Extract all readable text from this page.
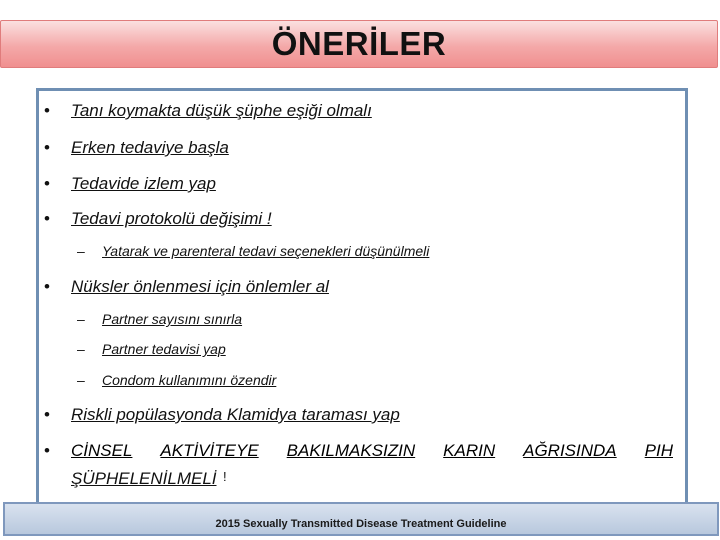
ÖNERİLER
• Tanı koymakta düşük şüphe eşiği olmalı
• Erken tedaviye başla
• Tedavide izlem yap
• Tedavi protokolü değişimi !
– Yatarak ve parenteral tedavi seçenekleri düşünülmeli
• Nüksler önlenmesi için önlemler al
– Partner sayısını sınırla
– Partner tedavisi yap
– Condom kullanımını özendir
• Riskli popülasyonda Klamidya taraması yap
• CİNSEL AKTİVİTEYE BAKILMAKSIZIN KARIN AĞRISINDA PIH
ŞÜPHELENİLMELİ !
2015 Sexually Transmitted Disease Treatment Guideline
